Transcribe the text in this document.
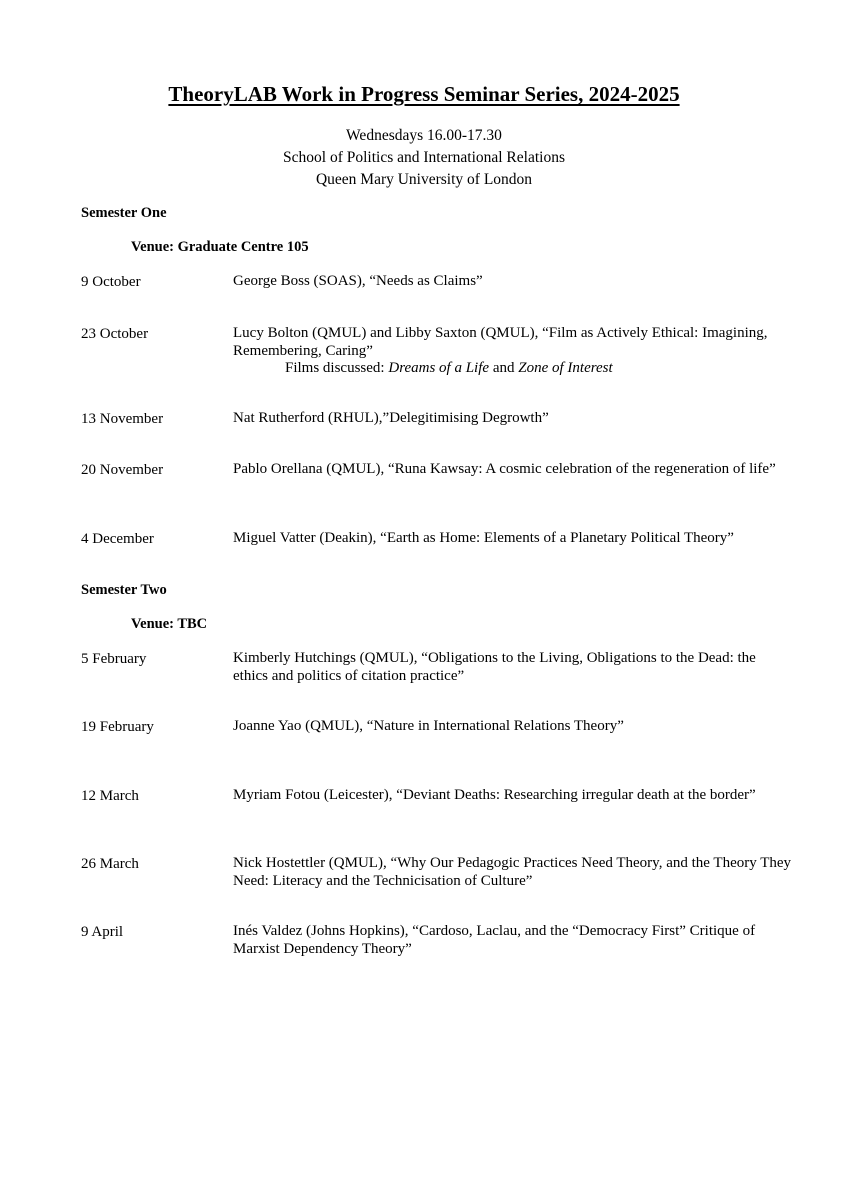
TheoryLAB Work in Progress Seminar Series, 2024-2025
Wednesdays 16.00-17.30
School of Politics and International Relations
Queen Mary University of London
Semester One
Venue: Graduate Centre 105
9 October	George Boss (SOAS), “Needs as Claims”
23 October	Lucy Bolton (QMUL) and Libby Saxton (QMUL), “Film as Actively Ethical: Imagining, Remembering, Caring”
Films discussed: Dreams of a Life and Zone of Interest
13 November	Nat Rutherford (RHUL),”Delegitimising Degrowth”
20 November	Pablo Orellana (QMUL), “Runa Kawsay: A cosmic celebration of the regeneration of life”
4 December	Miguel Vatter (Deakin), “Earth as Home: Elements of a Planetary Political Theory”
Semester Two
Venue: TBC
5 February	Kimberly Hutchings (QMUL), “Obligations to the Living, Obligations to the Dead: the ethics and politics of citation practice”
19 February	Joanne Yao (QMUL), “Nature in International Relations Theory”
12 March	Myriam Fotou (Leicester), “Deviant Deaths: Researching irregular death at the border”
26 March	Nick Hostettler (QMUL), “Why Our Pedagogic Practices Need Theory, and the Theory They Need: Literacy and the Technicisation of Culture”
9 April	Inés Valdez (Johns Hopkins), “Cardoso, Laclau, and the “Democracy First” Critique of Marxist Dependency Theory”
